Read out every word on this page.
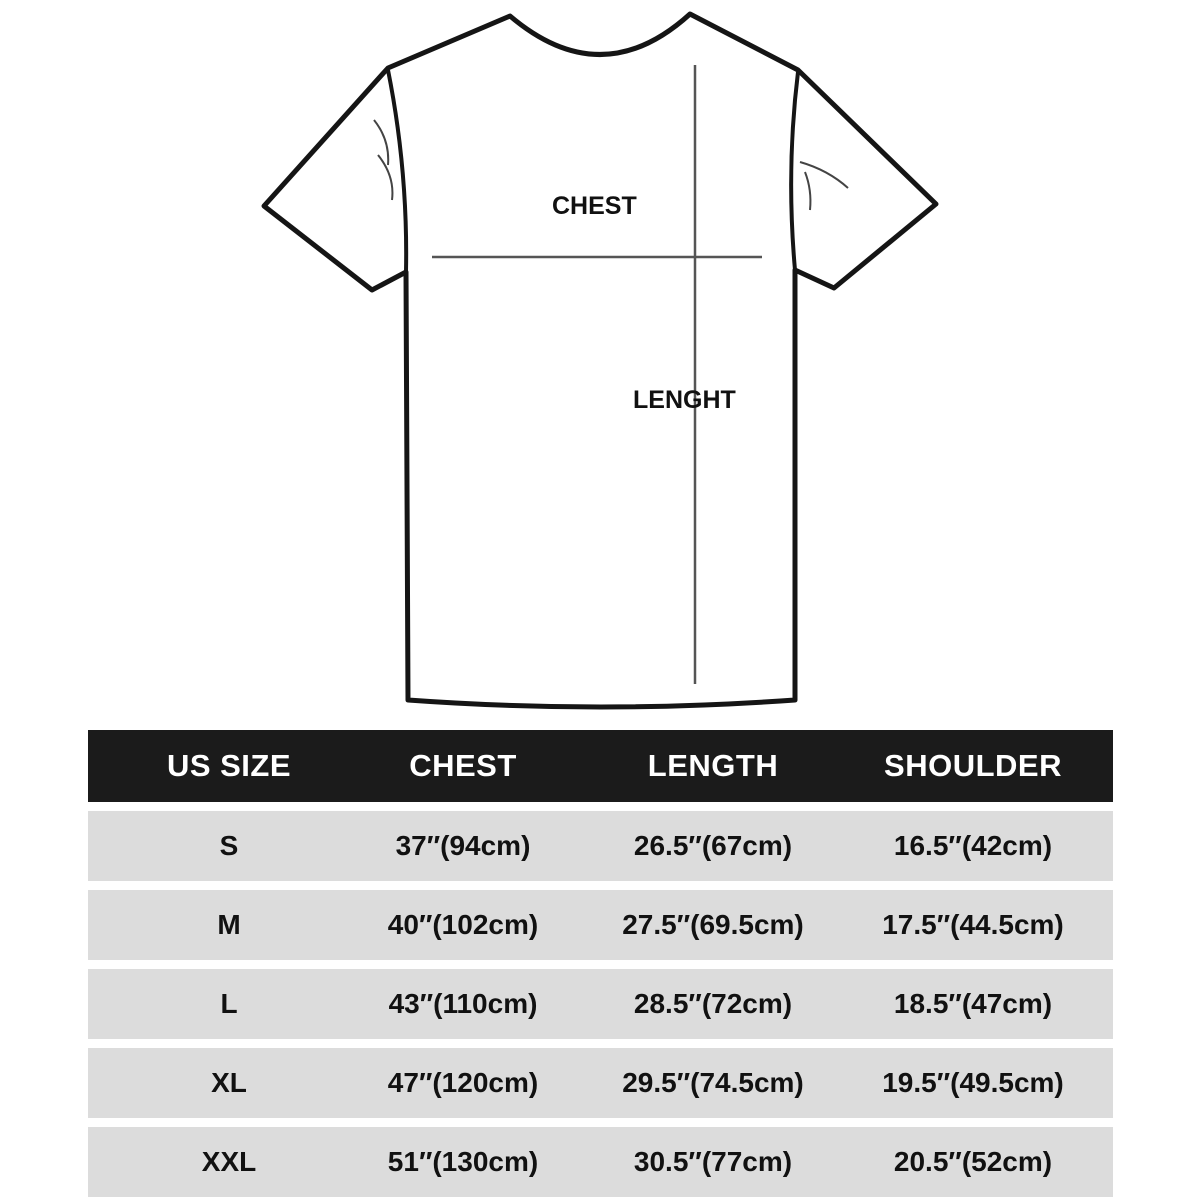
CHEST
LENGHT
US SIZE	CHEST	LENGTH	SHOULDER
S	37″(94cm)	26.5″(67cm)	16.5″(42cm)
M	40″(102cm)	27.5″(69.5cm)	17.5″(44.5cm)
L	43″(110cm)	28.5″(72cm)	18.5″(47cm)
XL	47″(120cm)	29.5″(74.5cm)	19.5″(49.5cm)
XXL	51″(130cm)	30.5″(77cm)	20.5″(52cm)
